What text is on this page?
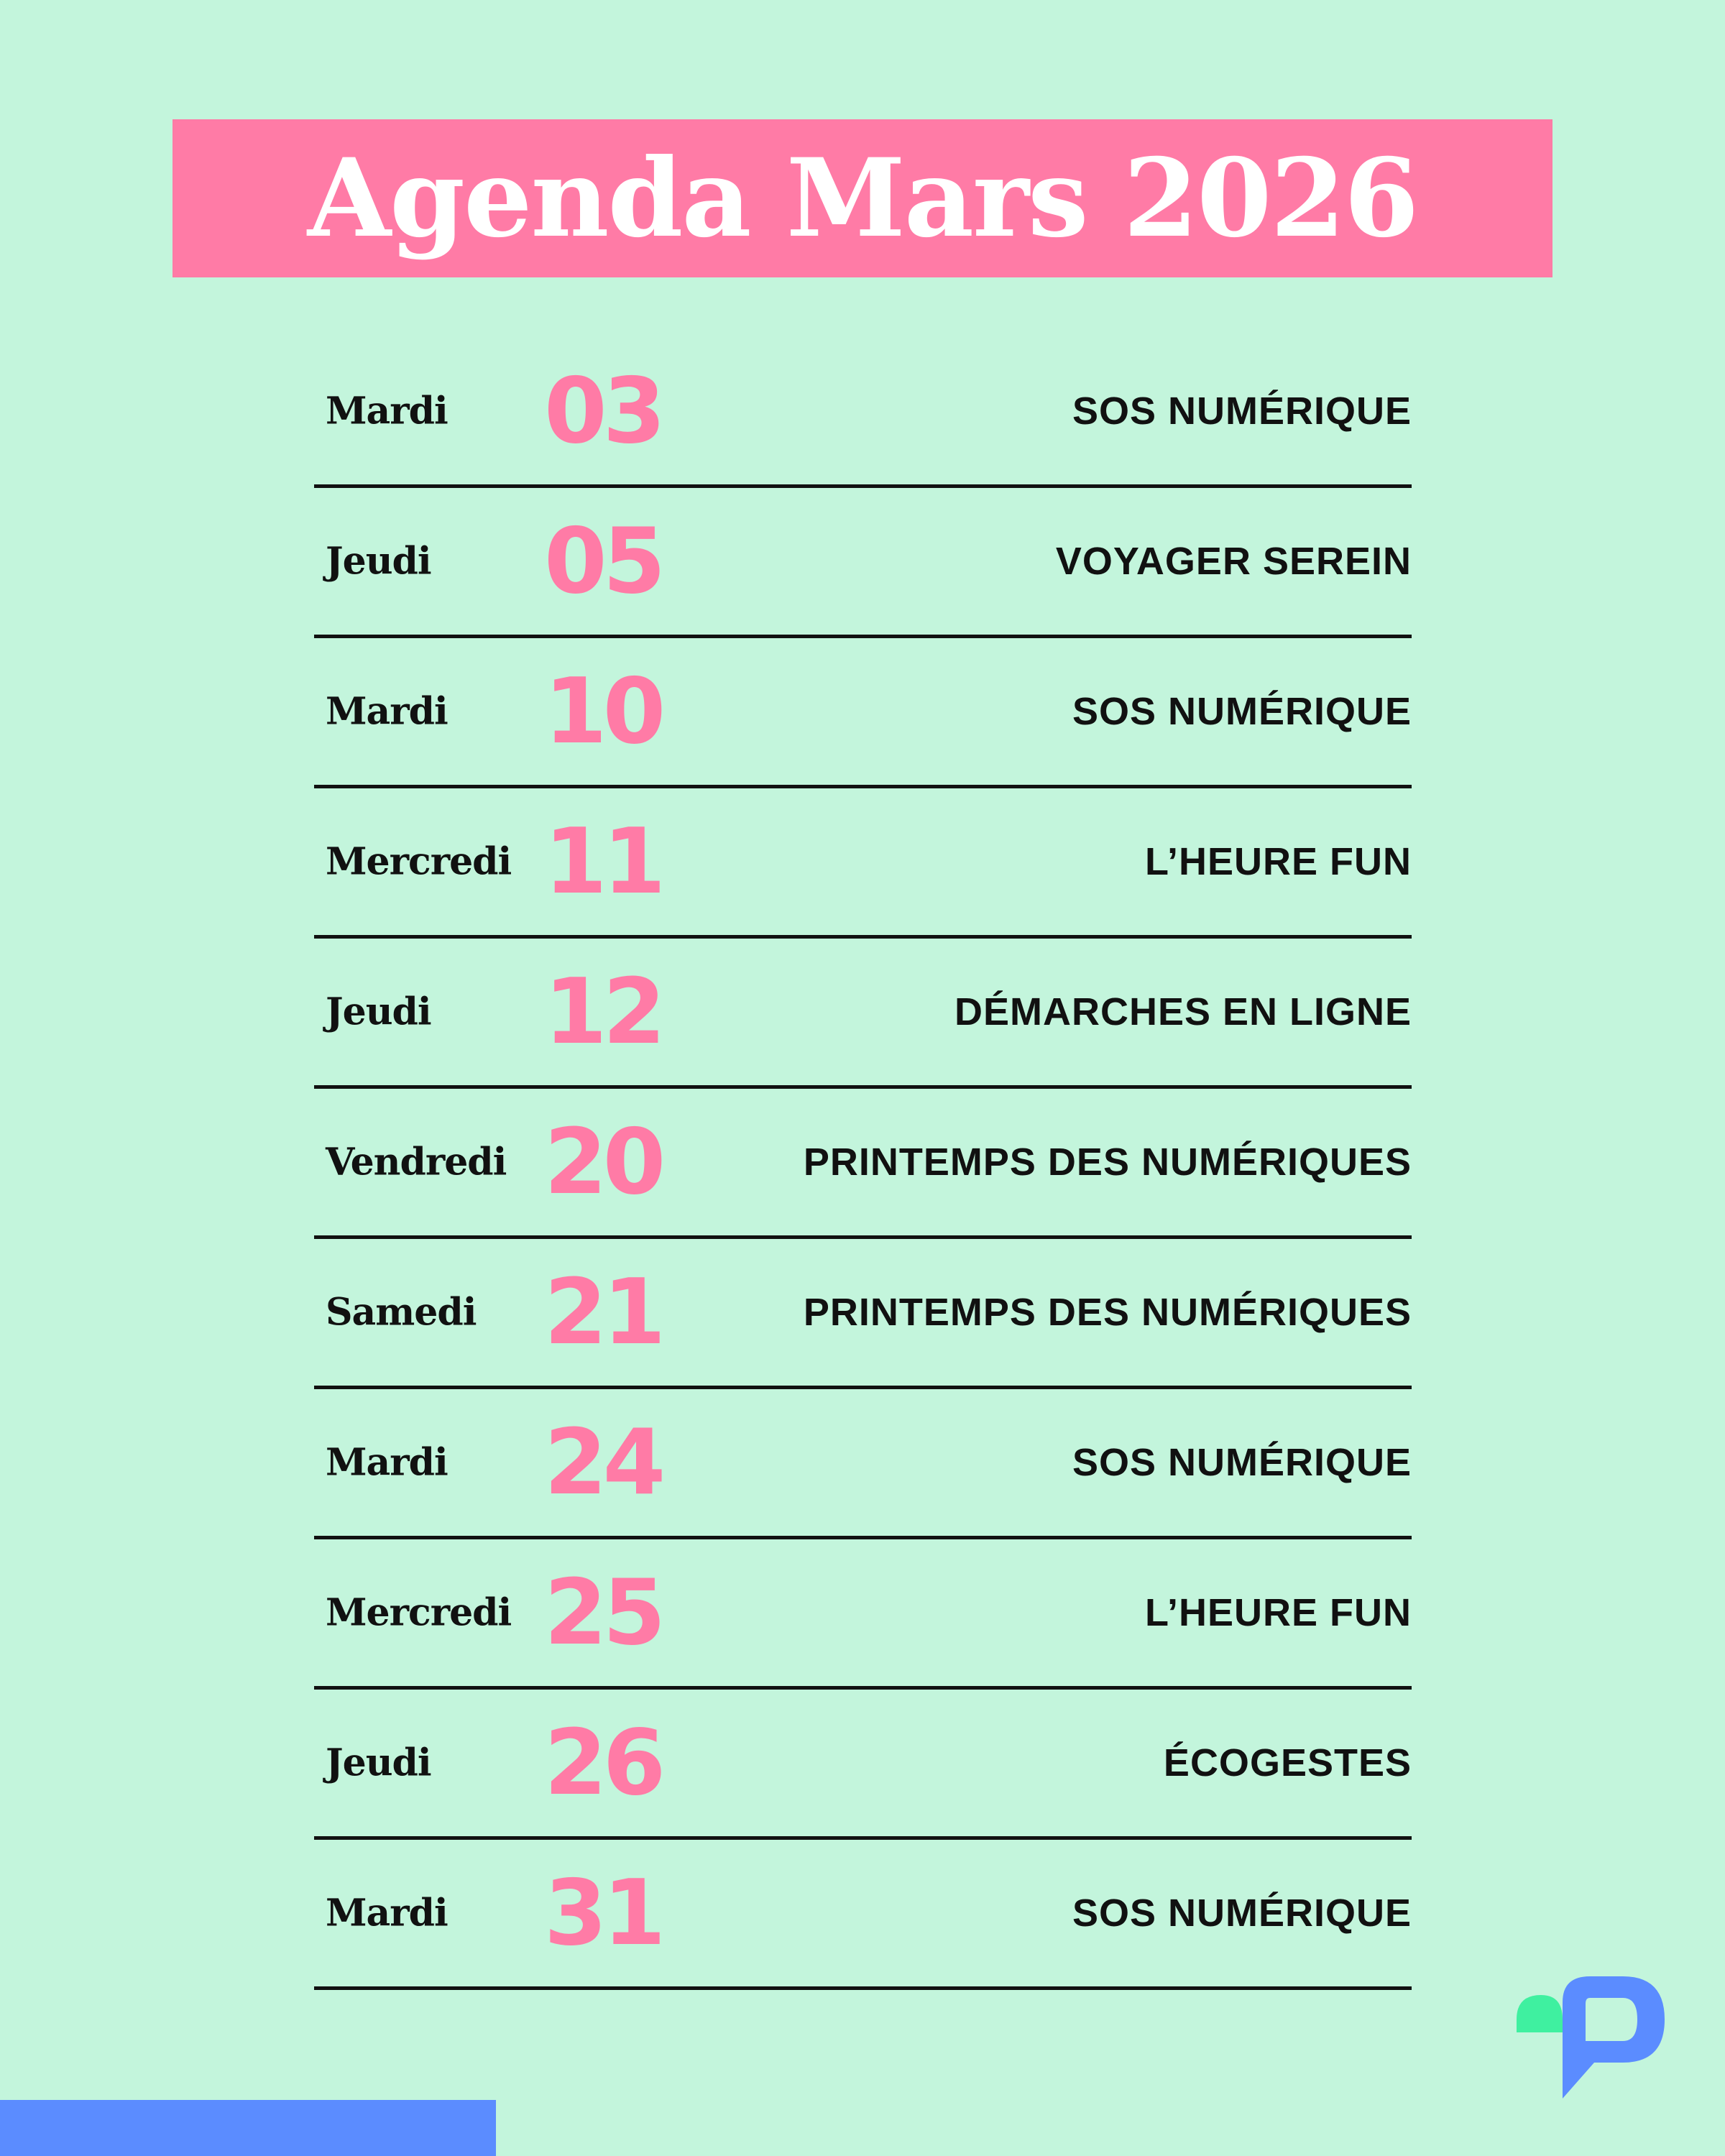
Agenda Mars 2026
Mardi 03	SOS NUMÉRIQUE
Jeudi 05	VOYAGER SEREIN
Mardi 10	SOS NUMÉRIQUE
Mercredi 11	L’HEURE FUN
Jeudi 12	DÉMARCHES EN LIGNE
Vendredi 20	PRINTEMPS DES NUMÉRIQUES
Samedi 21	PRINTEMPS DES NUMÉRIQUES
Mardi 24	SOS NUMÉRIQUE
Mercredi 25	L’HEURE FUN
Jeudi 26	ÉCOGESTES
Mardi 31	SOS NUMÉRIQUE
